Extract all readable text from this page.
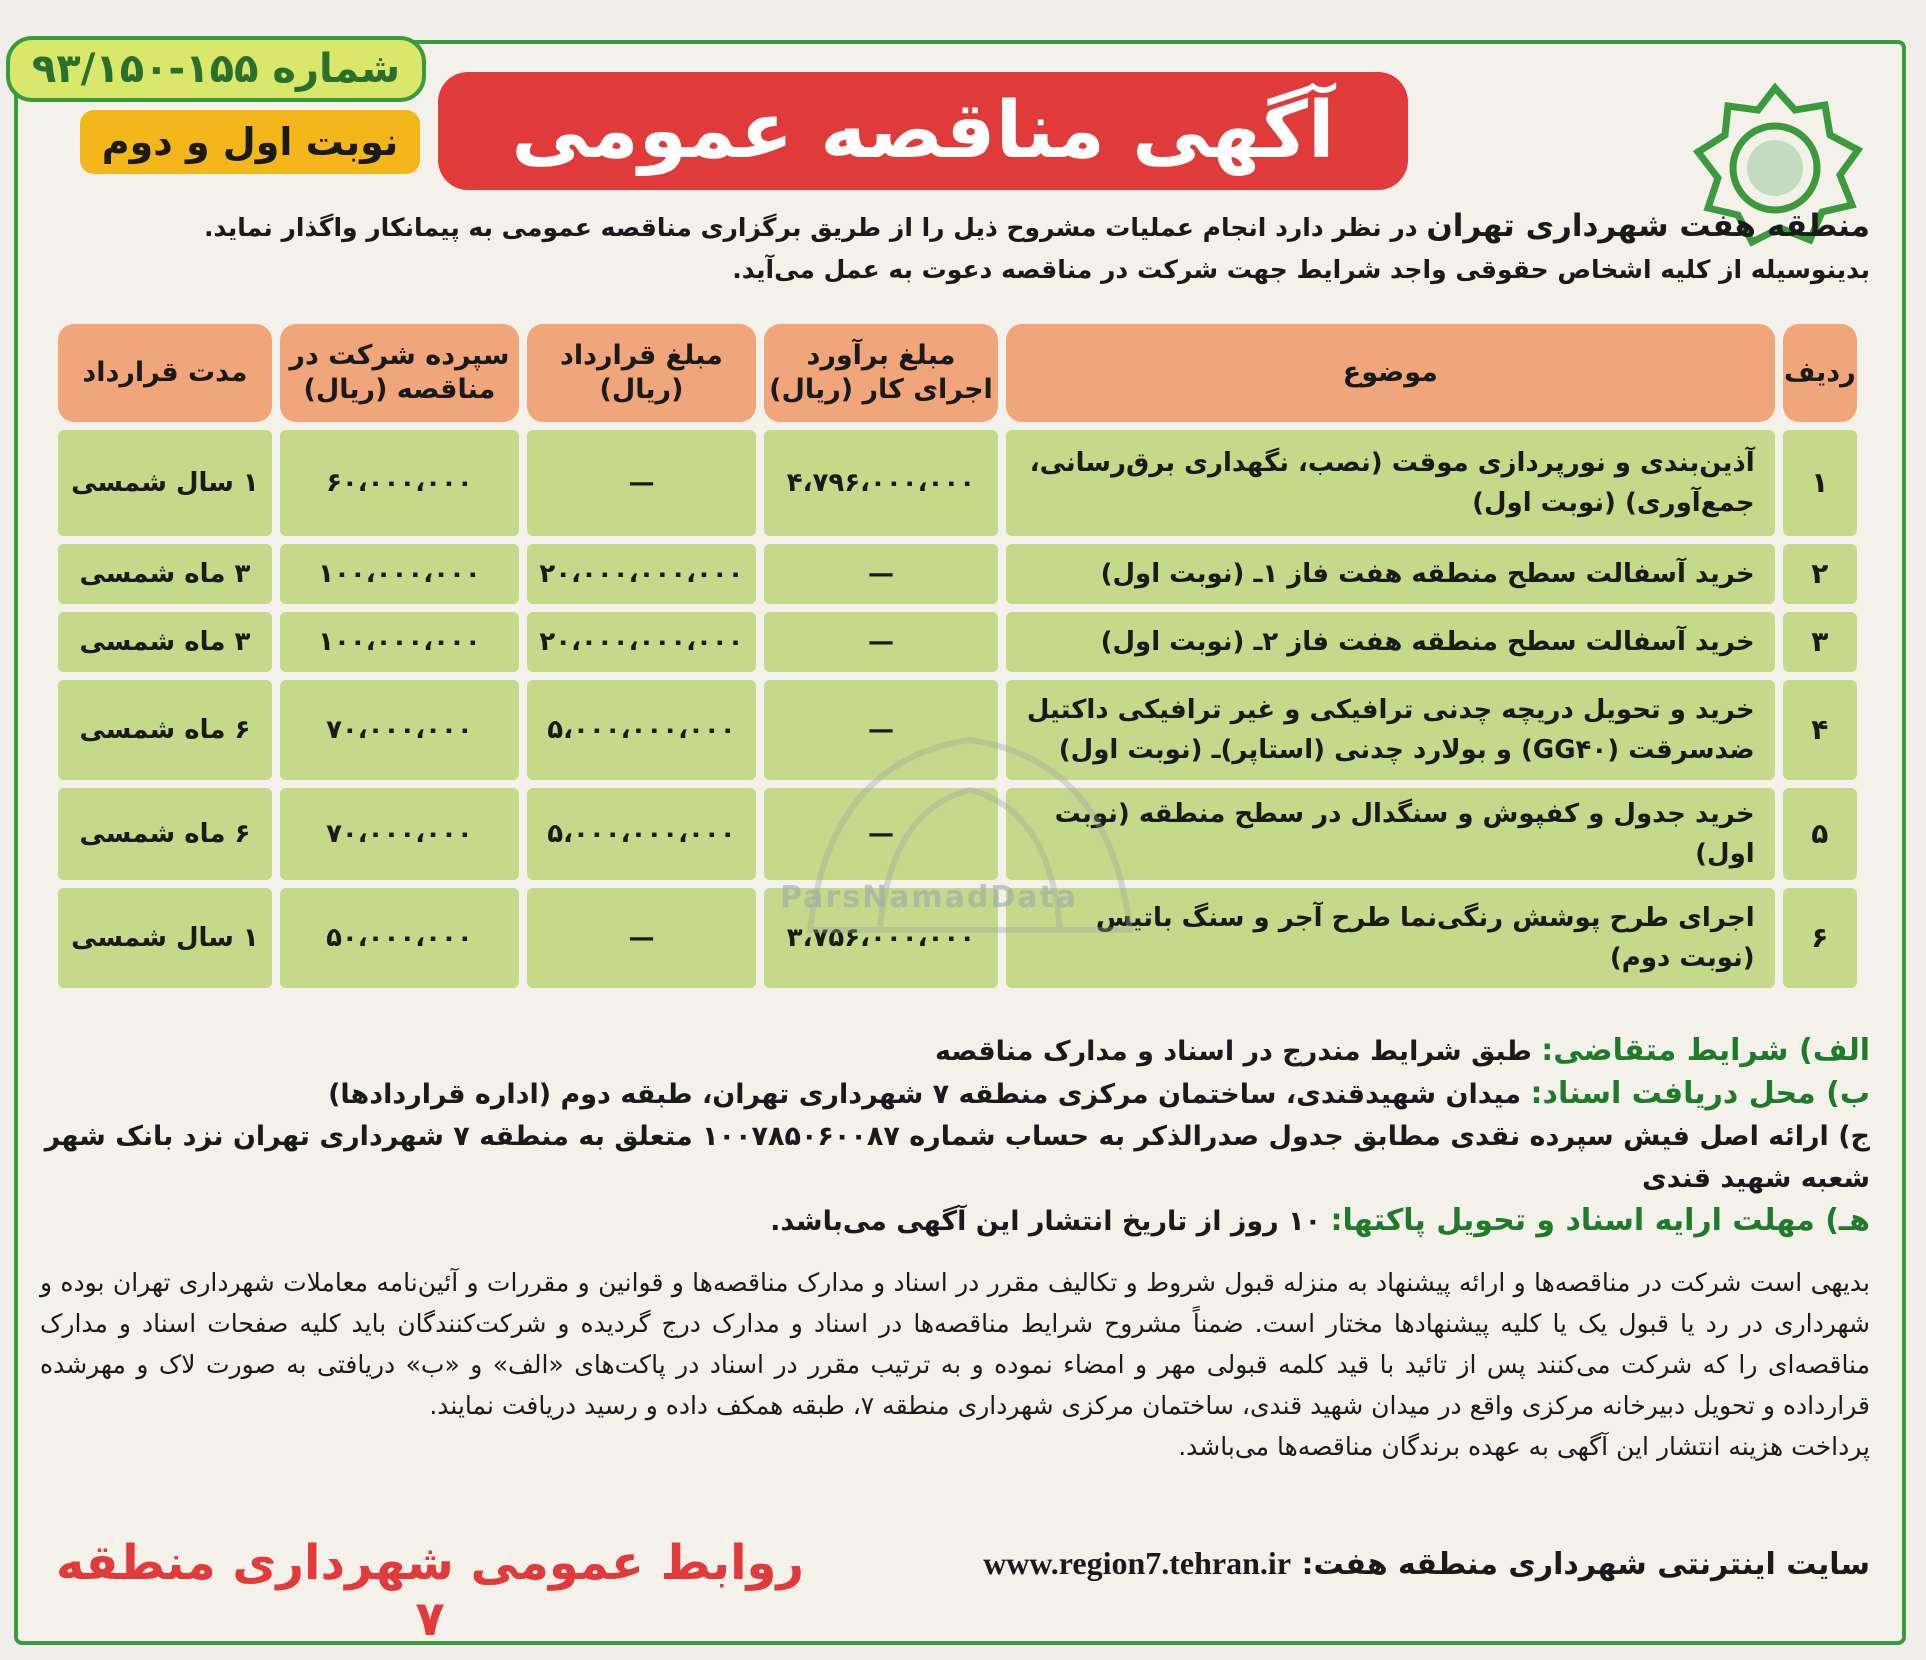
شماره ۱۵۵-۹۳/۱۵۰
نوبت اول و دوم	آگهی مناقصه عمومی
منطقه هفت شهرداری تهران در نظر دارد انجام عملیات مشروح ذیل را از طریق برگزاری مناقصه عمومی به پیمانکار واگذار نماید.
بدینوسیله از کلیه اشخاص حقوقی واجد شرایط جهت شرکت در مناقصه دعوت به عمل می‌آید.
ردیف	موضوع	مبلغ برآورد اجرای کار (ریال)	مبلغ قرارداد (ریال)	سپرده شرکت در مناقصه (ریال)	مدت قرارداد
۱	آذین‌بندی و نورپردازی موقت (نصب، نگهداری برق‌رسانی، جمع‌آوری) (نوبت اول)	۴،۷۹۶،۰۰۰،۰۰۰	—	۶۰،۰۰۰،۰۰۰	۱ سال شمسی
۲	خرید آسفالت سطح منطقه هفت فاز ۱ـ (نوبت اول)	—	۲۰،۰۰۰،۰۰۰،۰۰۰	۱۰۰،۰۰۰،۰۰۰	۳ ماه شمسی
۳	خرید آسفالت سطح منطقه هفت فاز ۲ـ (نوبت اول)	—	۲۰،۰۰۰،۰۰۰،۰۰۰	۱۰۰،۰۰۰،۰۰۰	۳ ماه شمسی
۴	خرید و تحویل دریچه چدنی ترافیکی و غیر ترافیکی داکتیل ضدسرقت (GG۴۰) و بولارد چدنی (استاپر)ـ (نوبت اول)	—	۵،۰۰۰،۰۰۰،۰۰۰	۷۰،۰۰۰،۰۰۰	۶ ماه شمسی
۵	خرید جدول و کفپوش و سنگدال در سطح منطقه (نوبت اول)	—	۵،۰۰۰،۰۰۰،۰۰۰	۷۰،۰۰۰،۰۰۰	۶ ماه شمسی
۶	اجرای طرح پوشش رنگی‌نما طرح آجر و سنگ باتیس (نوبت دوم)	۳،۷۵۶،۰۰۰،۰۰۰	—	۵۰،۰۰۰،۰۰۰	۱ سال شمسی
ParsNamadData
الف) شرایط متقاضی: طبق شرایط مندرج در اسناد و مدارک مناقصه
ب) محل دریافت اسناد: میدان شهیدقندی، ساختمان مرکزی منطقه ۷ شهرداری تهران، طبقه دوم (اداره قراردادها)
ج) ارائه اصل فیش سپرده نقدی مطابق جدول صدرالذکر به حساب شماره ۱۰۰۷۸۵۰۶۰۰۸۷ متعلق به منطقه ۷ شهرداری تهران نزد بانک شهر شعبه شهید قندی
هـ) مهلت ارایه اسناد و تحویل پاکتها: ۱۰ روز از تاریخ انتشار این آگهی می‌باشد.
بدیهی است شرکت در مناقصه‌ها و ارائه پیشنهاد به منزله قبول شروط و تکالیف مقرر در اسناد و مدارک مناقصه‌ها و قوانین و مقررات و آئین‌نامه معاملات شهرداری تهران بوده و شهرداری در رد یا قبول یک یا کلیه پیشنهادها مختار است. ضمناً مشروح شرایط مناقصه‌ها در اسناد و مدارک درج گردیده و شرکت‌کنندگان باید کلیه صفحات اسناد و مدارک مناقصه‌ای را که شرکت می‌کنند پس از تائید با قید کلمه قبولی مهر و امضاء نموده و به ترتیب مقرر در اسناد در پاکت‌های «الف» و «ب» دریافتی به صورت لاک و مهرشده قرارداده و تحویل دبیرخانه مرکزی واقع در میدان شهید قندی، ساختمان مرکزی شهرداری منطقه ۷، طبقه همکف داده و رسید دریافت نمایند.
پرداخت هزینه انتشار این آگهی به عهده برندگان مناقصه‌ها می‌باشد.
سایت اینترنتی شهرداری منطقه هفت: www.region7.tehran.ir
روابط عمومی شهرداری منطقه ۷
